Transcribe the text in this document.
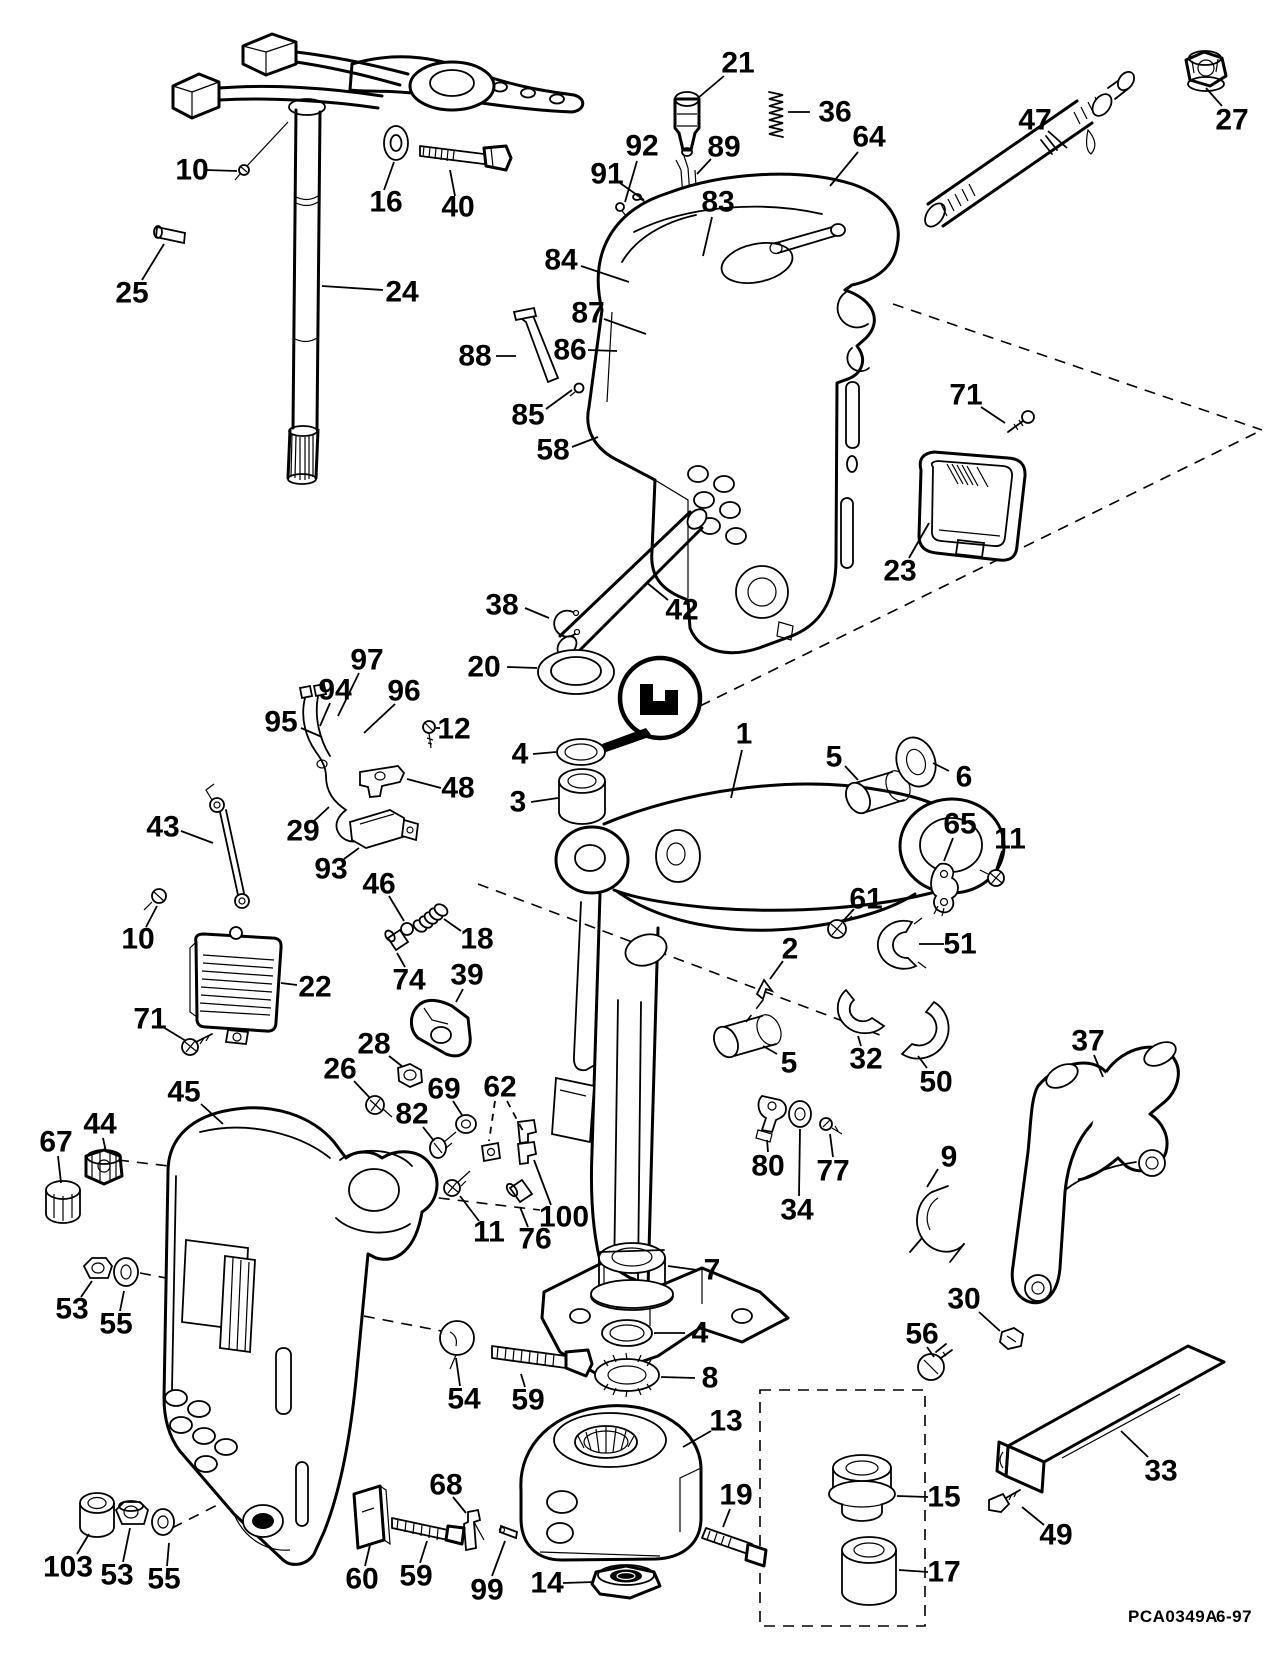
21
36
64
92 89
91
83
84
87
86
88
85
58
10
16 40
25	24
47	27
71
23
38	42
20
97
94 96
95	12
4
48 3
1
5
6
29
93
65 11
43
10
46
18
74 39
22
71
61
51
2
32
5
50
37
28
26
69
82
62
45
44
67
80 77
34
9
30
56
7
4
8
13
53 55
54 59
19	15
17
33
49
68
99 14
60 59
103 53 55
100
76
11
PCA0349A
6-97
